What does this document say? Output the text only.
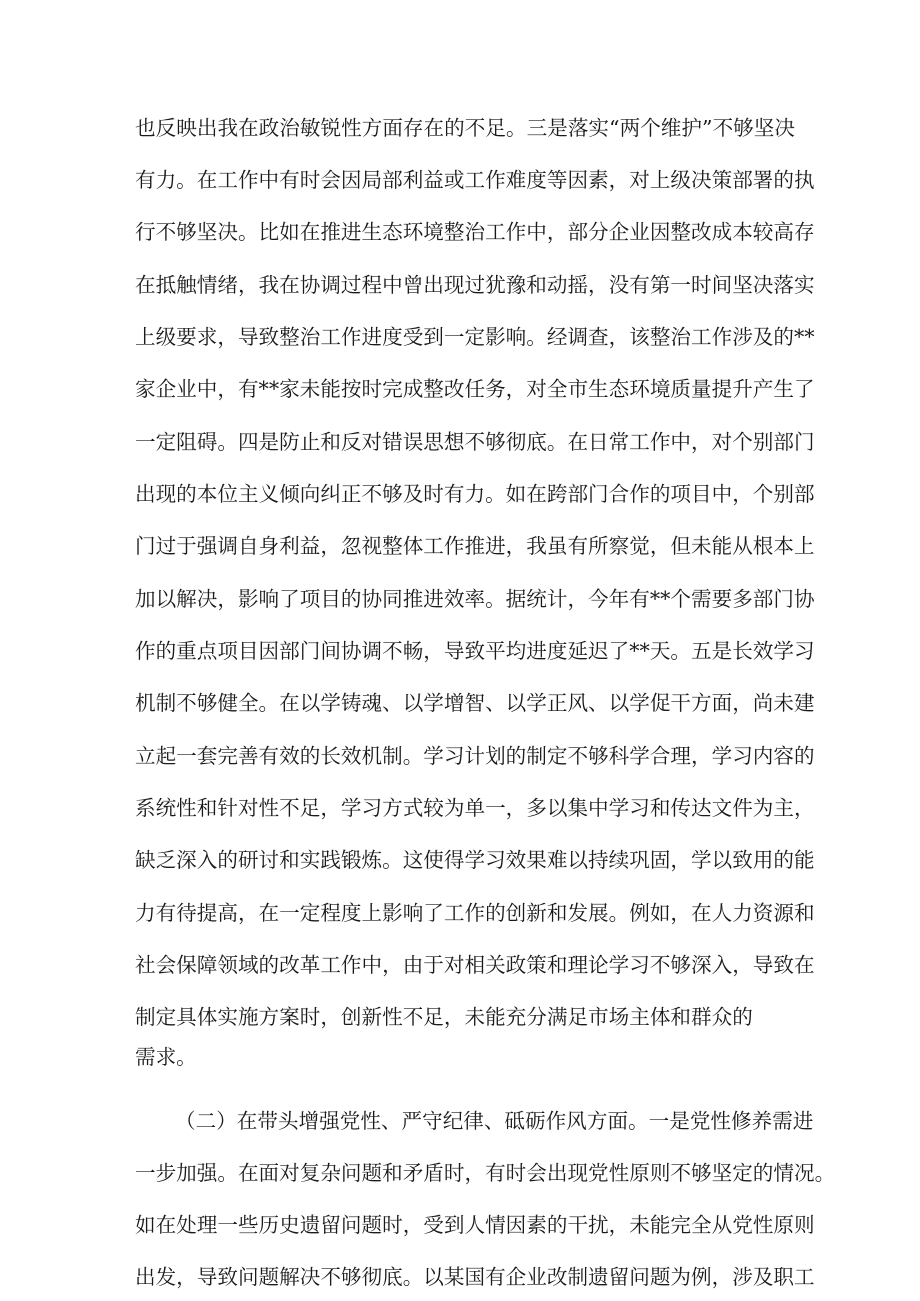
也反映出我在政治敏锐性方面存在的不足。三是落实“两个维护”不够坚决
有力。在工作中有时会因局部利益或工作难度等因素，对上级决策部署的执
行不够坚决。比如在推进生态环境整治工作中，部分企业因整改成本较高存
在抵触情绪，我在协调过程中曾出现过犹豫和动摇，没有第一时间坚决落实
上级要求，导致整治工作进度受到一定影响。经调查，该整治工作涉及的**
家企业中，有**家未能按时完成整改任务，对全市生态环境质量提升产生了
一定阻碍。四是防止和反对错误思想不够彻底。在日常工作中，对个别部门
出现的本位主义倾向纠正不够及时有力。如在跨部门合作的项目中，个别部
门过于强调自身利益，忽视整体工作推进，我虽有所察觉，但未能从根本上
加以解决，影响了项目的协同推进效率。据统计，今年有**个需要多部门协
作的重点项目因部门间协调不畅，导致平均进度延迟了**天。五是长效学习
机制不够健全。在以学铸魂、以学增智、以学正风、以学促干方面，尚未建
立起一套完善有效的长效机制。学习计划的制定不够科学合理，学习内容的
系统性和针对性不足，学习方式较为单一，多以集中学习和传达文件为主，
缺乏深入的研讨和实践锻炼。这使得学习效果难以持续巩固，学以致用的能
力有待提高，在一定程度上影响了工作的创新和发展。例如，在人力资源和
社会保障领域的改革工作中，由于对相关政策和理论学习不够深入，导致在
制定具体实施方案时，创新性不足，未能充分满足市场主体和群众的
需求。
（二）在带头增强党性、严守纪律、砥砺作风方面。一是党性修养需进
一步加强。在面对复杂问题和矛盾时，有时会出现党性原则不够坚定的情况。
如在处理一些历史遗留问题时，受到人情因素的干扰，未能完全从党性原则
出发，导致问题解决不够彻底。以某国有企业改制遗留问题为例，涉及职工
